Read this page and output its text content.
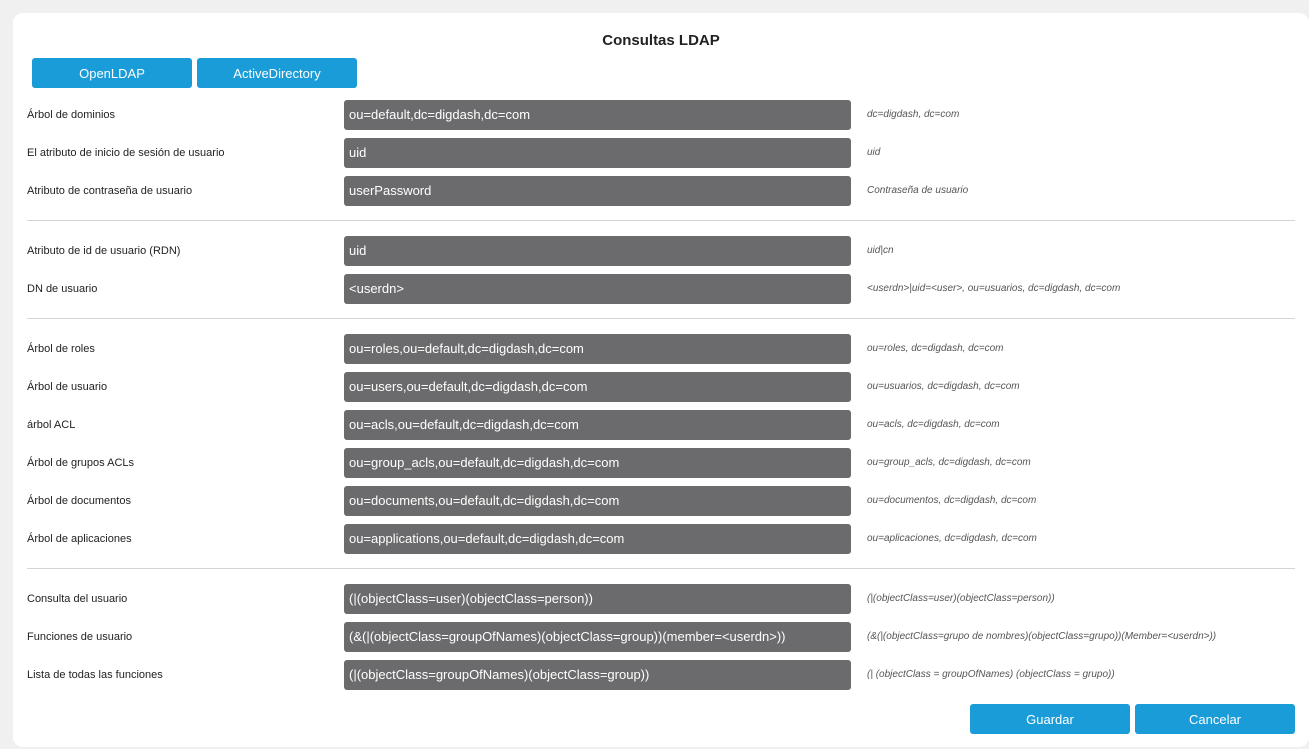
Consultas LDAP
OpenLDAP	ActiveDirectory
Árbol de dominios
ou=default,dc=digdash,dc=com	dc=digdash, dc=com
El atributo de inicio de sesión de usuario
uid	uid
Atributo de contraseña de usuario
userPassword	Contraseña de usuario
Atributo de id de usuario (RDN)
uid	uid|cn
DN de usuario
<userdn>	<userdn>|uid=<user>, ou=usuarios, dc=digdash, dc=com
Árbol de roles
ou=roles,ou=default,dc=digdash,dc=com	ou=roles, dc=digdash, dc=com
Árbol de usuario
ou=users,ou=default,dc=digdash,dc=com	ou=usuarios, dc=digdash, dc=com
árbol ACL
ou=acls,ou=default,dc=digdash,dc=com	ou=acls, dc=digdash, dc=com
Árbol de grupos ACLs
ou=group_acls,ou=default,dc=digdash,dc=com	ou=group_acls, dc=digdash, dc=com
Árbol de documentos
ou=documents,ou=default,dc=digdash,dc=com	ou=documentos, dc=digdash, dc=com
Árbol de aplicaciones
ou=applications,ou=default,dc=digdash,dc=com	ou=aplicaciones, dc=digdash, dc=com
Consulta del usuario
(|(objectClass=user)(objectClass=person))	(|(objectClass=user)(objectClass=person))
Funciones de usuario
(&(|(objectClass=groupOfNames)(objectClass=group))(member=<userdn>))	(&(|(objectClass=grupo de nombres)(objectClass=grupo))(Member=<userdn>))
Lista de todas las funciones
(|(objectClass=groupOfNames)(objectClass=group))	(| (objectClass = groupOfNames) (objectClass = grupo))
Guardar	Cancelar
